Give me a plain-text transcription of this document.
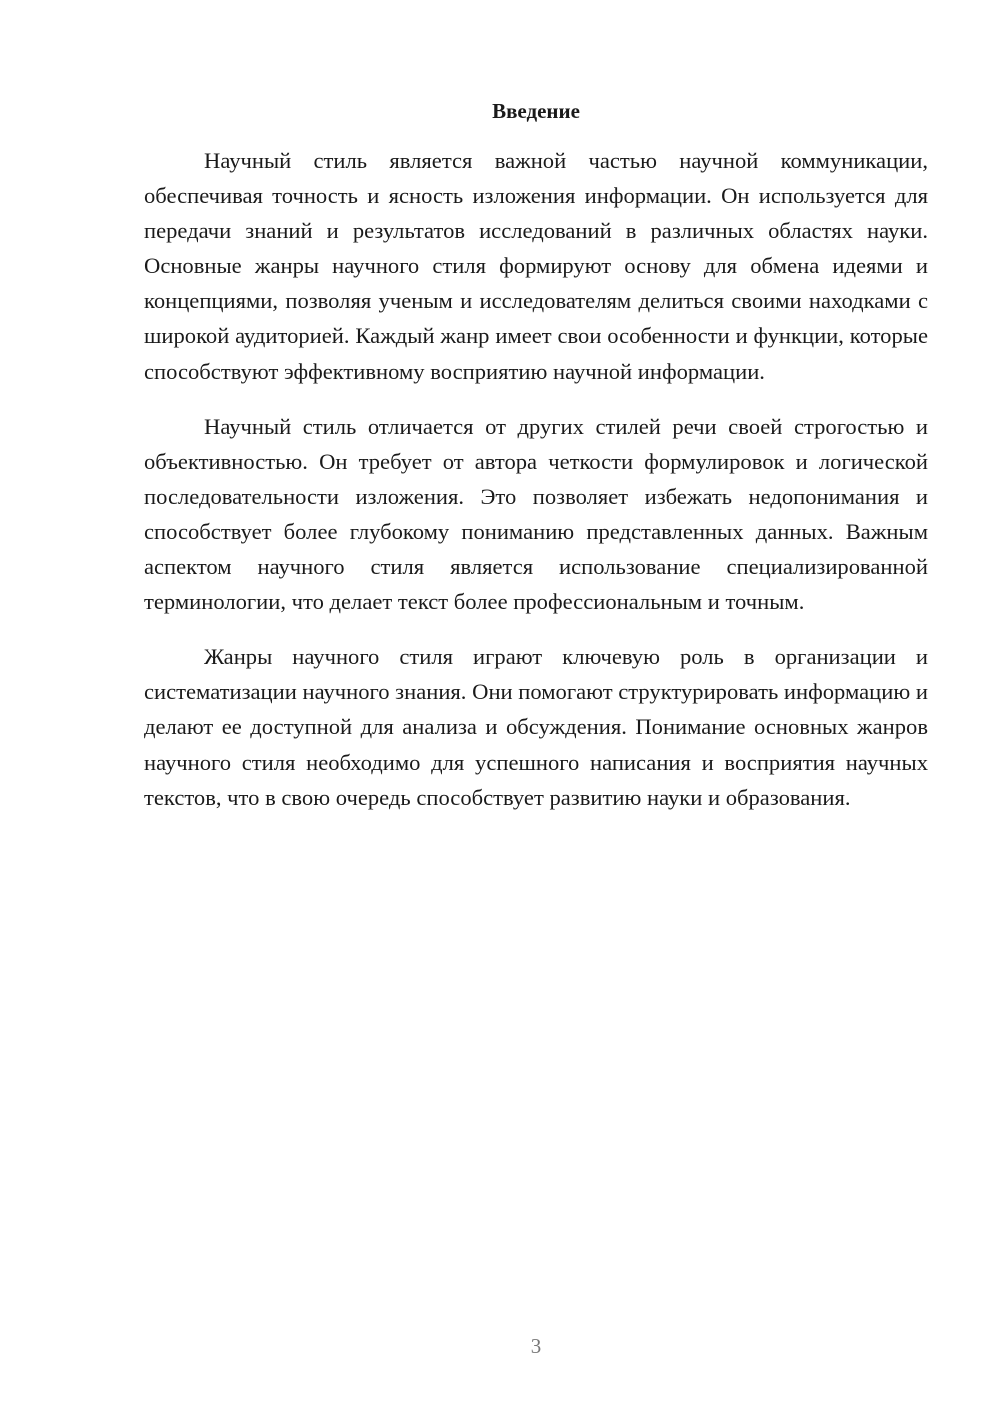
Введение

Научный стиль является важной частью научной коммуникации, обеспечивая точность и ясность изложения информации. Он используется для передачи знаний и результатов исследований в различных областях науки. Основные жанры научного стиля формируют основу для обмена идеями и концепциями, позволяя ученым и исследователям делиться своими находками с широкой аудиторией. Каждый жанр имеет свои особенности и функции, которые способствуют эффективному восприятию научной информации.

Научный стиль отличается от других стилей речи своей строгостью и объективностью. Он требует от автора четкости формулировок и логической последовательности изложения. Это позволяет избежать недопонимания и способствует более глубокому пониманию представленных данных. Важным аспектом научного стиля является использование специализированной терминологии, что делает текст более профессиональным и точным.

Жанры научного стиля играют ключевую роль в организации и систематизации научного знания. Они помогают структурировать информацию и делают ее доступной для анализа и обсуждения. Понимание основных жанров научного стиля необходимо для успешного написания и восприятия научных текстов, что в свою очередь способствует развитию науки и образования.

3
